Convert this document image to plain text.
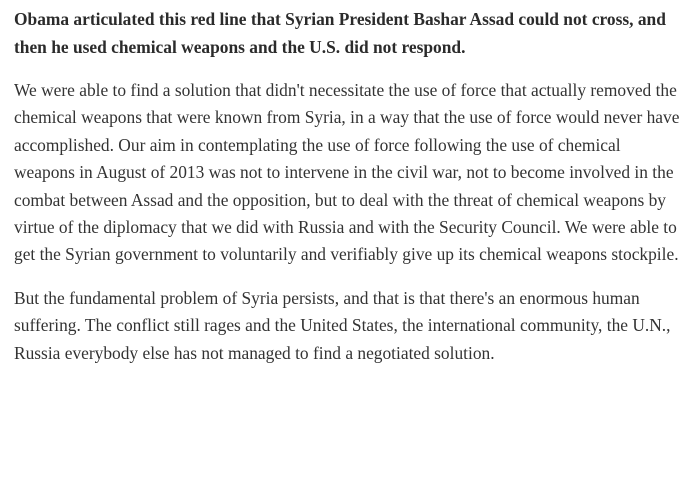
Obama articulated this red line that Syrian President Bashar Assad could not cross, and then he used chemical weapons and the U.S. did not respond.

We were able to find a solution that didn't necessitate the use of force that actually removed the chemical weapons that were known from Syria, in a way that the use of force would never have accomplished. Our aim in contemplating the use of force following the use of chemical weapons in August of 2013 was not to intervene in the civil war, not to become involved in the combat between Assad and the opposition, but to deal with the threat of chemical weapons by virtue of the diplomacy that we did with Russia and with the Security Council. We were able to get the Syrian government to voluntarily and verifiably give up its chemical weapons stockpile.

But the fundamental problem of Syria persists, and that is that there's an enormous human suffering. The conflict still rages and the United States, the international community, the U.N., Russia everybody else has not managed to find a negotiated solution.
